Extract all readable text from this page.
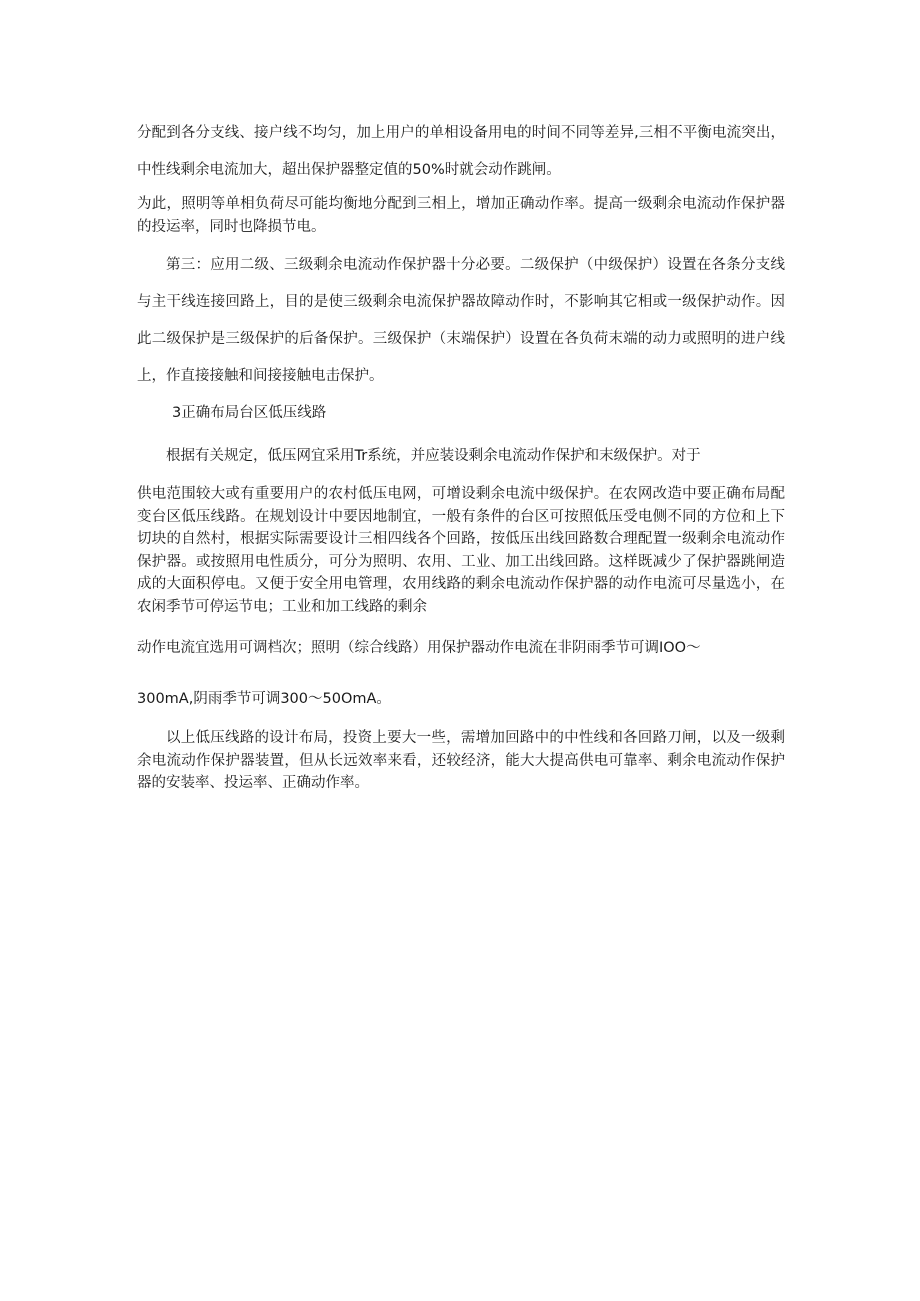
分配到各分支线、接户线不均匀，加上用户的单相设备用电的时间不同等差异,三相不平衡电流突出，中性线剩余电流加大，超出保护器整定值的50%时就会动作跳闸。

为此，照明等单相负荷尽可能均衡地分配到三相上，增加正确动作率。提高一级剩余电流动作保护器的投运率，同时也降损节电。

第三：应用二级、三级剩余电流动作保护器十分必要。二级保护（中级保护）设置在各条分支线与主干线连接回路上，目的是使三级剩余电流保护器故障动作时，不影响其它相或一级保护动作。因此二级保护是三级保护的后备保护。三级保护（末端保护）设置在各负荷末端的动力或照明的进户线上，作直接接触和间接接触电击保护。

3正确布局台区低压线路

根据有关规定，低压网宜采用Tr系统，并应装设剩余电流动作保护和末级保护。对于

供电范围较大或有重要用户的农村低压电网，可增设剩余电流中级保护。在农网改造中要正确布局配变台区低压线路。在规划设计中要因地制宜，一般有条件的台区可按照低压受电侧不同的方位和上下切块的自然村，根据实际需要设计三相四线各个回路，按低压出线回路数合理配置一级剩余电流动作保护器。或按照用电性质分，可分为照明、农用、工业、加工出线回路。这样既减少了保护器跳闸造成的大面积停电。又便于安全用电管理，农用线路的剩余电流动作保护器的动作电流可尽量选小，在农闲季节可停运节电；工业和加工线路的剩余

动作电流宜选用可调档次；照明（综合线路）用保护器动作电流在非阴雨季节可调IOO～

300mA,阴雨季节可调300～50OmA。

以上低压线路的设计布局，投资上要大一些，需增加回路中的中性线和各回路刀闸，以及一级剩余电流动作保护器装置，但从长远效率来看，还较经济，能大大提高供电可靠率、剩余电流动作保护器的安装率、投运率、正确动作率。
